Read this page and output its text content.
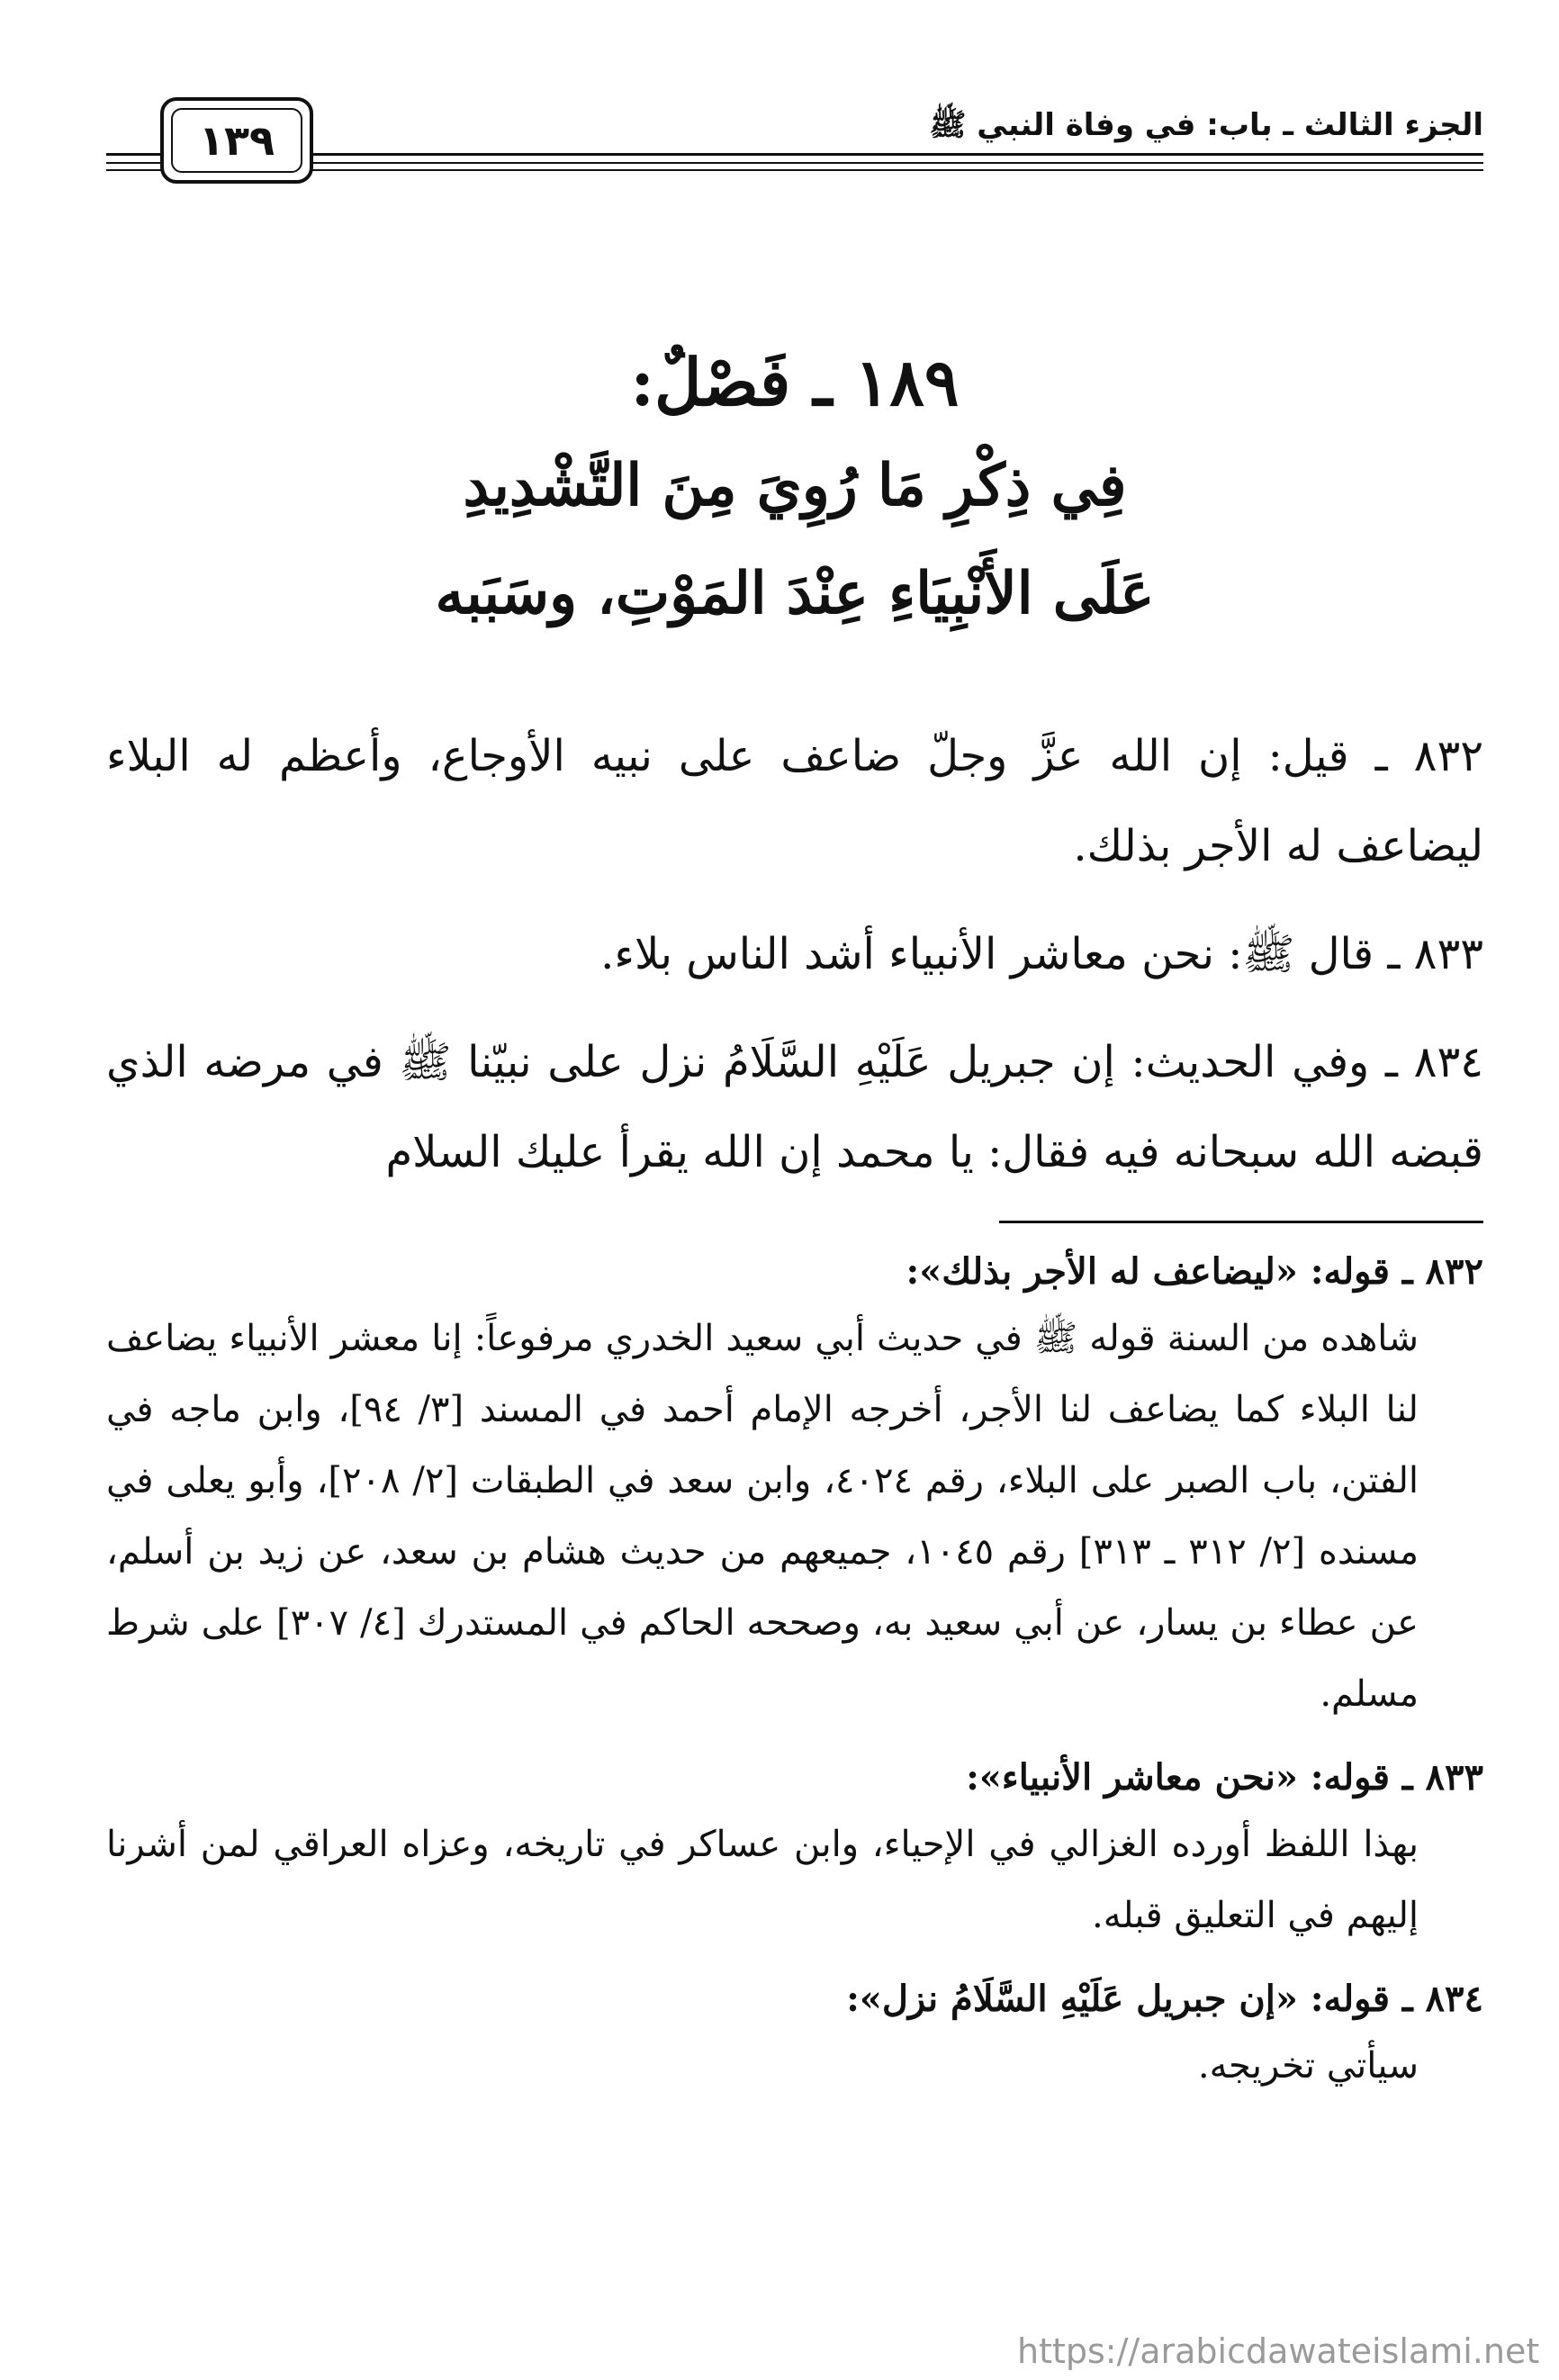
الجزء الثالث ـ باب: في وفاة النبي ﷺ
١٣٩
١٨٩ ـ فَصْلٌ:
فِي ذِكْرِ مَا رُوِيَ مِنَ التَّشْدِيدِ
عَلَى الأَنْبِيَاءِ عِنْدَ المَوْتِ، وسَبَبه

٨٣٢ ـ قيل: إن الله عزَّ وجلّ ضاعف على نبيه الأوجاع، وأعظم له البلاء ليضاعف له الأجر بذلك.

٨٣٣ ـ قال ﷺ: نحن معاشر الأنبياء أشد الناس بلاء.

٨٣٤ ـ وفي الحديث: إن جبريل عَلَيْهِ السَّلَامُ نزل على نبيّنا ﷺ في مرضه الذي قبضه الله سبحانه فيه فقال: يا محمد إن الله يقرأ عليك السلام

٨٣٢ ـ قوله: «ليضاعف له الأجر بذلك»:
شاهده من السنة قوله ﷺ في حديث أبي سعيد الخدري مرفوعاً: إنا معشر الأنبياء يضاعف لنا البلاء كما يضاعف لنا الأجر، أخرجه الإمام أحمد في المسند [٣/ ٩٤]، وابن ماجه في الفتن، باب الصبر على البلاء، رقم ٤٠٢٤، وابن سعد في الطبقات [٢/ ٢٠٨]، وأبو يعلى في مسنده [٢/ ٣١٢ ـ ٣١٣] رقم ١٠٤٥، جميعهم من حديث هشام بن سعد، عن زيد بن أسلم، عن عطاء بن يسار، عن أبي سعيد به، وصححه الحاكم في المستدرك [٤/ ٣٠٧] على شرط مسلم.
٨٣٣ ـ قوله: «نحن معاشر الأنبياء»:
بهذا اللفظ أورده الغزالي في الإحياء، وابن عساكر في تاريخه، وعزاه العراقي لمن أشرنا إليهم في التعليق قبله.
٨٣٤ ـ قوله: «إن جبريل عَلَيْهِ السَّلَامُ نزل»:
سيأتي تخريجه.
https://arabicdawateislami.net
